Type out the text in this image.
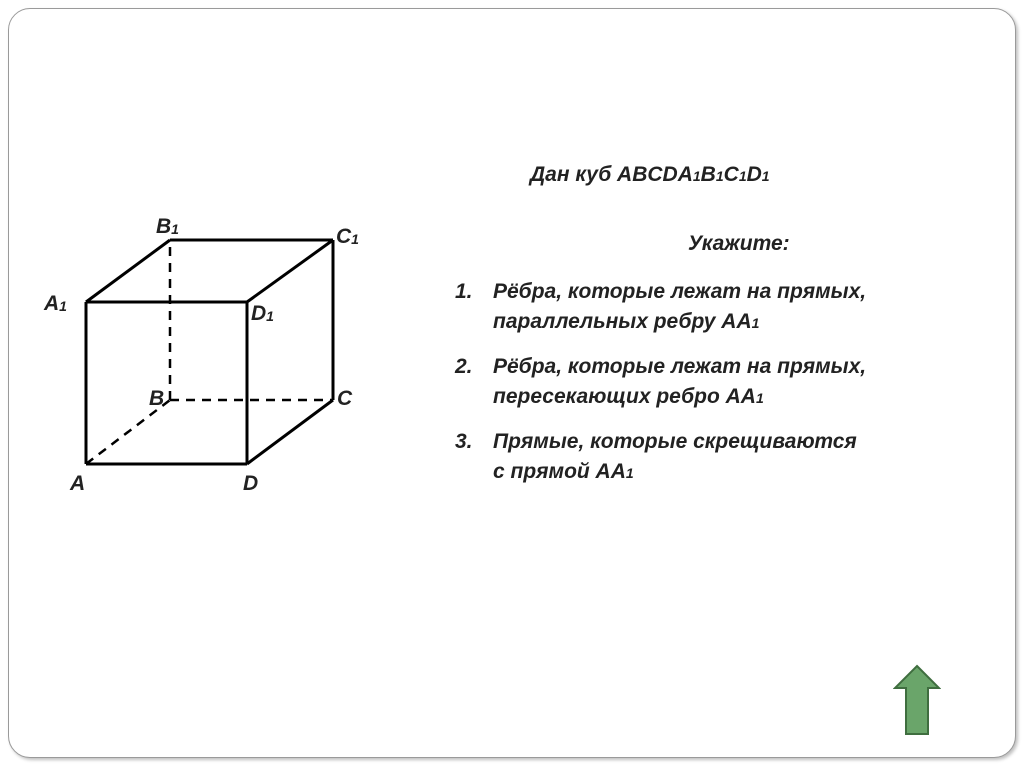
$B_1$	$C_1$
$A_1$	$D_1$
B	C
A	D
Дан куб ABCDA1B1C1D1
Укажите:
1. Рёбра, которые лежат на прямых,
параллельных ребру АА1
2. Рёбра, которые лежат на прямых,
пересекающих ребро АА1
3. Прямые, которые скрещиваются
с прямой АА1
